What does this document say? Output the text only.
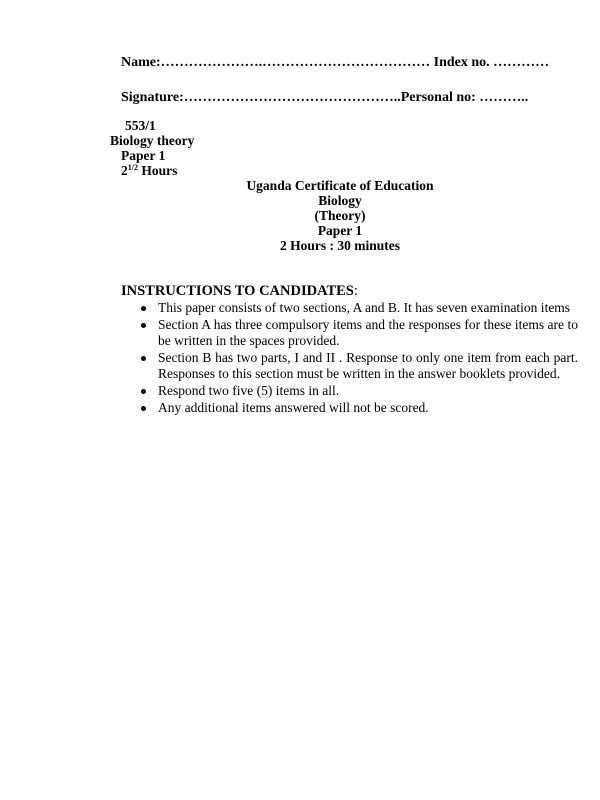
Name:………………….……………………………… Index no. …………
Signature:………………………………………..Personal no: ………..
553/1
Biology theory
Paper 1
$2^{1/2}$ Hours
Uganda Certificate of Education
Biology
(Theory)
Paper 1
2 Hours : 30 minutes
INSTRUCTIONS TO CANDIDATES:
This paper consists of two sections, A and B. It has seven examination items
Section A has three compulsory items and the responses for these items are to be written in the spaces provided.
Section B has two parts, I and II . Response to only one item from each part. Responses to this section must be written in the answer booklets provided.
Respond two five (5) items in all.
Any additional items answered will not be scored.
